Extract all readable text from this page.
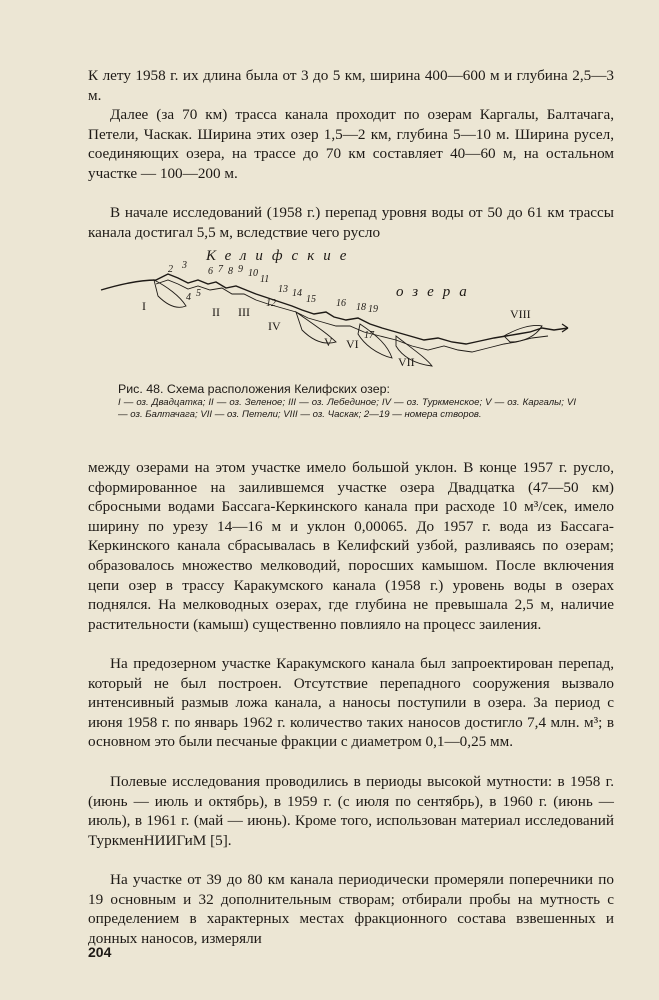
К лету 1958 г. их длина была от 3 до 5 км, ширина 400—600 м и глубина 2,5—3 м.

Далее (за 70 км) трасса канала проходит по озерам Каргалы, Балтачага, Петели, Часкак. Ширина этих озер 1,5—2 км, глубина 5—10 м. Ширина русел, соединяющих озера, на трассе до 70 км составляет 40—60 м, на остальном участке — 100—200 м.

В начале исследований (1958 г.) перепад уровня воды от 50 до 61 км трассы канала достигал 5,5 м, вследствие чего русло

Келифские
озера
2 3
4 5
6 7 8 9 10
11
12
13 14
15 16
17
18 19
I	II III
IV
V VI
VII
VIII
Рис. 48. Схема расположения Келифских озер:
I — оз. Двадцатка; II — оз. Зеленое; III — оз. Лебединое; IV — оз. Туркменское; V — оз. Каргалы; VI — оз. Балтачага; VII — оз. Петели; VIII — оз. Часкак; 2—19 — номера створов.

между озерами на этом участке имело большой уклон. В конце 1957 г. русло, сформированное на заилившемся участке озера Двадцатка (47—50 км) сбросными водами Бассага-Керкинского канала при расходе 10 м³/сек, имело ширину по урезу 14—16 м и уклон 0,00065. До 1957 г. вода из Бассага-Керкинского канала сбрасывалась в Келифский узбой, разливаясь по озерам; образовалось множество мелководий, поросших камышом. После включения цепи озер в трассу Каракумского канала (1958 г.) уровень воды в озерах поднялся. На мелководных озерах, где глубина не превышала 2,5 м, наличие растительности (камыш) существенно повлияло на процесс заиления.

На предозерном участке Каракумского канала был запроектирован перепад, который не был построен. Отсутствие перепадного сооружения вызвало интенсивный размыв ложа канала, а наносы поступили в озера. За период с июня 1958 г. по январь 1962 г. количество таких наносов достигло 7,4 млн. м³; в основном это были песчаные фракции с диаметром 0,1—0,25 мм.

Полевые исследования проводились в периоды высокой мутности: в 1958 г. (июнь — июль и октябрь), в 1959 г. (с июля по сентябрь), в 1960 г. (июнь — июль), в 1961 г. (май — июнь). Кроме того, использован материал исследований ТуркменНИИГиМ [5].

На участке от 39 до 80 км канала периодически промеряли поперечники по 19 основным и 32 дополнительным створам; отбирали пробы на мутность с определением в характерных местах фракционного состава взвешенных и донных наносов, измеряли

204
